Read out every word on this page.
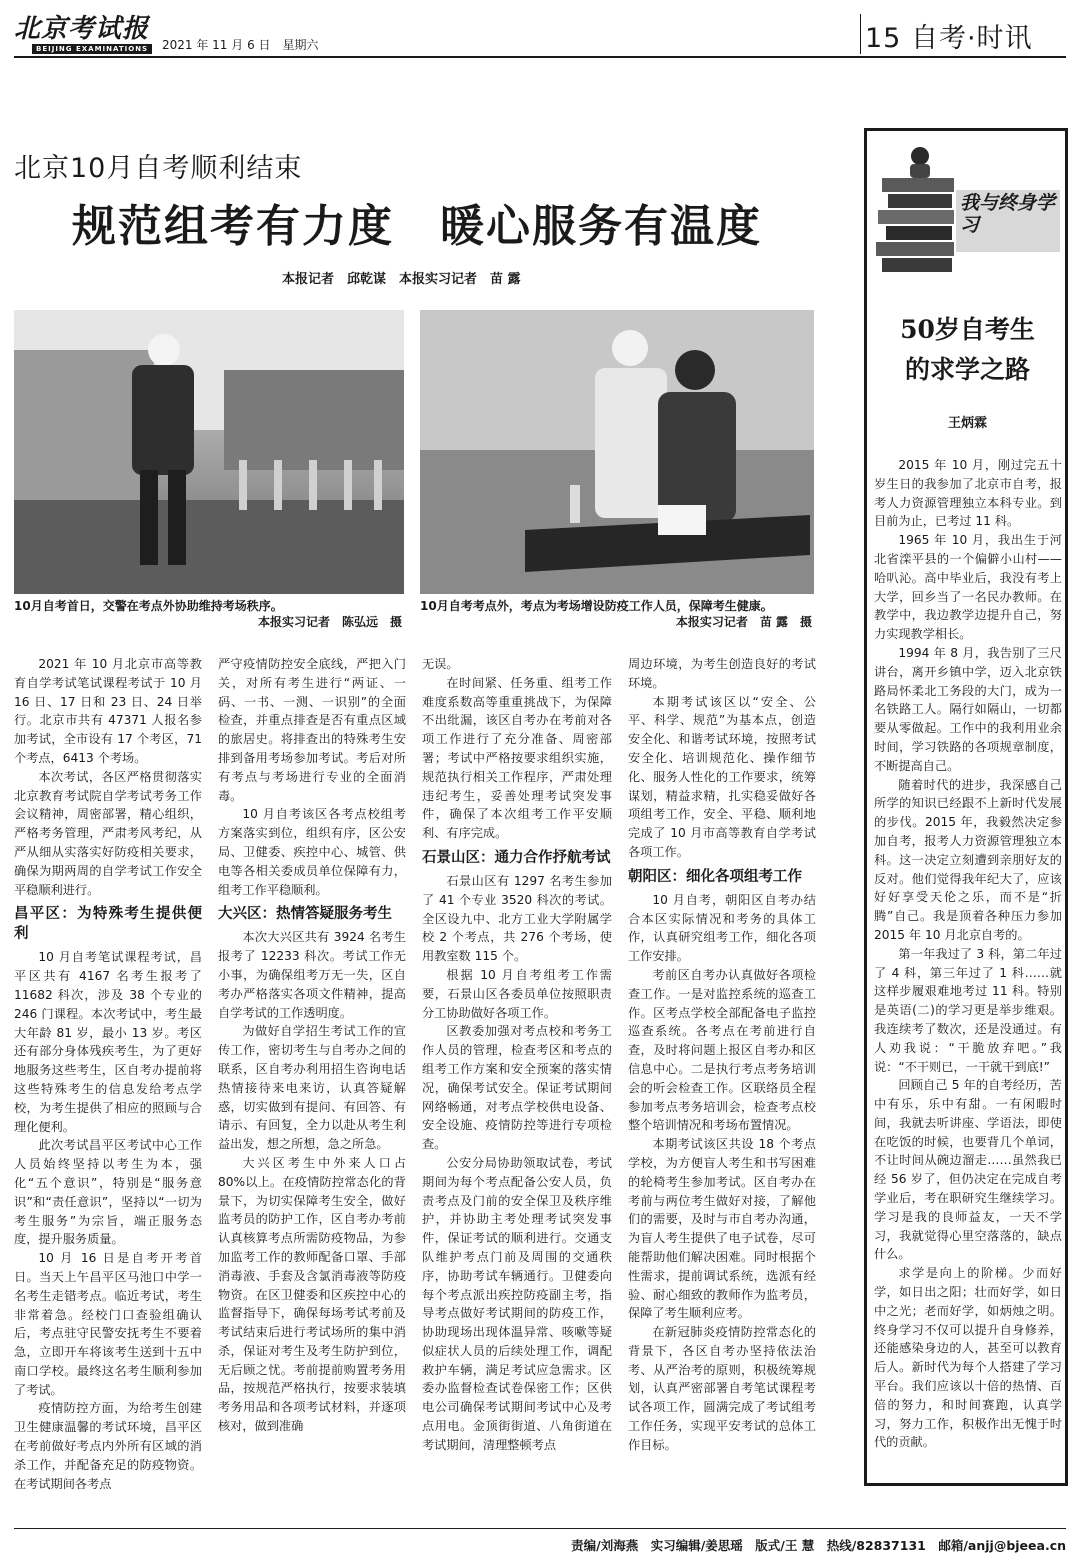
北京考试报
BEIJING EXAMINATIONS	2021 年 11 月 6 日　星期六	15 自考·时讯
北京10月自考顺利结束
规范组考有力度　暖心服务有温度
本报记者　邱乾谋　本报实习记者　苗 露
10月自考首日，交警在考点外协助维持考场秩序。
本报实习记者　陈弘远　摄
10月自考考点外，考点为考场增设防疫工作人员，保障考生健康。
本报实习记者　苗 露　摄

2021 年 10 月北京市高等教育自学考试笔试课程考试于 10 月 16 日、17 日和 23 日、24 日举行。北京市共有 47371 人报名参加考试，全市设有 17 个考区，71 个考点，6413 个考场。

本次考试，各区严格贯彻落实北京教育考试院自学考试考务工作会议精神，周密部署，精心组织，严格考务管理，严肃考风考纪，从严从细从实落实好防疫相关要求，确保为期两周的自学考试工作安全平稳顺利进行。

昌平区：为特殊考生提供便利

10 月自考笔试课程考试，昌平区共有 4167 名考生报考了 11682 科次，涉及 38 个专业的 246 门课程。本次考试中，考生最大年龄 81 岁，最小 13 岁。考区还有部分身体残疾考生，为了更好地服务这些考生，区自考办提前将这些特殊考生的信息发给考点学校，为考生提供了相应的照顾与合理化便利。

此次考试昌平区考试中心工作人员始终坚持以考生为本，强化“五个意识”，特别是“服务意识”和“责任意识”，坚持以“一切为考生服务”为宗旨，端正服务态度，提升服务质量。

10 月 16 日是自考开考首日。当天上午昌平区马池口中学一名考生走错考点。临近考试，考生非常着急。经校门口查验组确认后，考点驻守民警安抚考生不要着急，立即开车将该考生送到十五中南口学校。最终这名考生顺利参加了考试。

疫情防控方面，为给考生创建卫生健康温馨的考试环境，昌平区在考前做好考点内外所有区域的消杀工作，并配备充足的防疫物资。在考试期间各考点

严守疫情防控安全底线，严把入门关，对所有考生进行“两证、一码、一书、一测、一识别”的全面检查，并重点排查是否有重点区域的旅居史。将排查出的特殊考生安排到备用考场参加考试。考后对所有考点与考场进行专业的全面消毒。

10 月自考该区各考点校组考方案落实到位，组织有序，区公安局、卫健委、疾控中心、城管、供电等各相关委成员单位保障有力，组考工作平稳顺利。

大兴区：热情答疑服务考生

本次大兴区共有 3924 名考生报考了 12233 科次。考试工作无小事，为确保组考万无一失，区自考办严格落实各项文件精神，提高自学考试的工作透明度。

为做好自学招生考试工作的宣传工作，密切考生与自考办之间的联系，区自考办利用招生咨询电话热情接待来电来访，认真答疑解惑，切实做到有提问、有回答、有请示、有回复，全力以赴从考生利益出发，想之所想，急之所急。

大兴区考生中外来人口占 80%以上。在疫情防控常态化的背景下，为切实保障考生安全，做好监考员的防护工作，区自考办考前认真核算考点所需防疫物品，为参加监考工作的教师配备口罩、手部消毒液、手套及含氯消毒液等防疫物资。在区卫健委和区疾控中心的监督指导下，确保每场考试考前及考试结束后进行考试场所的集中消杀，保证对考生及考生防护到位，无后顾之忧。考前提前购置考务用品，按规范严格执行，按要求装填考务用品和各项考试材料，并逐项核对，做到准确

无误。

在时间紧、任务重、组考工作难度系数高等重重挑战下，为保障不出纰漏，该区自考办在考前对各项工作进行了充分准备、周密部署；考试中严格按要求组织实施，规范执行相关工作程序，严肃处理违纪考生，妥善处理考试突发事件，确保了本次组考工作平安顺利、有序完成。

石景山区：通力合作抒航考试

石景山区有 1297 名考生参加了 41 个专业 3520 科次的考试。全区设九中、北方工业大学附属学校 2 个考点，共 276 个考场，使用教室数 115 个。

根据 10 月自考组考工作需要，石景山区各委员单位按照职责分工协助做好各项工作。

区教委加强对考点校和考务工作人员的管理，检查考区和考点的组考工作方案和安全预案的落实情况，确保考试安全。保证考试期间网络畅通，对考点学校供电设备、安全设施、疫情防控等进行专项检查。

公安分局协助领取试卷，考试期间为每个考点配备公安人员，负责考点及门前的安全保卫及秩序维护，并协助主考处理考试突发事件，保证考试的顺利进行。交通支队维护考点门前及周围的交通秩序，协助考试车辆通行。卫健委向每个考点派出疾控防疫副主考，指导考点做好考试期间的防疫工作，协助现场出现体温异常、咳嗽等疑似症状人员的后续处理工作，调配救护车辆，满足考试应急需求。区委办监督检查试卷保密工作；区供电公司确保考试期间考试中心及考点用电。金顶街街道、八角街道在考试期间，清理整顿考点

周边环境，为考生创造良好的考试环境。

本期考试该区以“安全、公平、科学、规范”为基本点，创造安全化、和谐考试环境，按照考试安全化、培训规范化、操作细节化、服务人性化的工作要求，统筹谋划，精益求精，扎实稳妥做好各项组考工作，安全、平稳、顺利地完成了 10 月市高等教育自学考试各项工作。

朝阳区：细化各项组考工作

10 月自考，朝阳区自考办结合本区实际情况和考务的具体工作，认真研究组考工作，细化各项工作安排。

考前区自考办认真做好各项检查工作。一是对监控系统的巡查工作。区考点学校全部配备电子监控巡查系统。各考点在考前进行自查，及时将问题上报区自考办和区信息中心。二是执行考点考务培训会的听会检查工作。区联络员全程参加考点考务培训会，检查考点校整个培训情况和考场布置情况。

本期考试该区共设 18 个考点学校，为方便盲人考生和书写困难的轮椅考生参加考试。区自考办在考前与两位考生做好对接，了解他们的需要，及时与市自考办沟通，为盲人考生提供了电子试卷，尽可能帮助他们解决困难。同时根据个性需求，提前调试系统，选派有经验、耐心细致的教师作为监考员，保障了考生顺利应考。

在新冠肺炎疫情防控常态化的背景下，各区自考办坚持依法治考、从严治考的原则，积极统筹规划，认真严密部署自考笔试课程考试各项工作，圆满完成了考试组考工作任务，实现平安考试的总体工作目标。

我与终身学习
50岁自考生
的求学之路
王炳霖

2015 年 10 月，刚过完五十岁生日的我参加了北京市自考，报考人力资源管理独立本科专业。到目前为止，已考过 11 科。

1965 年 10 月，我出生于河北省滦平县的一个偏僻小山村——哈叭沁。高中毕业后，我没有考上大学，回乡当了一名民办教师。在教学中，我边教学边提升自己，努力实现教学相长。

1994 年 8 月，我告别了三尺讲台，离开乡镇中学，迈入北京铁路局怀柔北工务段的大门，成为一名铁路工人。隔行如隔山，一切都要从零做起。工作中的我利用业余时间，学习铁路的各项规章制度，不断提高自己。

随着时代的进步，我深感自己所学的知识已经跟不上新时代发展的步伐。2015 年，我毅然决定参加自考，报考人力资源管理独立本科。这一决定立刻遭到亲朋好友的反对。他们觉得我年纪大了，应该好好享受天伦之乐，而不是“折腾”自己。我是顶着各种压力参加 2015 年 10 月北京自考的。

第一年我过了 3 科，第二年过了 4 科，第三年过了 1 科……就这样步履艰难地考过 11 科。特别是英语(二)的学习更是举步维艰。我连续考了数次，还是没通过。有人劝我说：“干脆放弃吧。”我说：“不干则已，一干就干到底!”

回顾自己 5 年的自考经历，苦中有乐，乐中有甜。一有闲暇时间，我就去听讲座、学语法，即使在吃饭的时候，也要背几个单词，不让时间从碗边溜走……虽然我已经 56 岁了，但仍决定在完成自考学业后，考在职研究生继续学习。学习是我的良师益友，一天不学习，我就觉得心里空落落的，缺点什么。

求学是向上的阶梯。少而好学，如日出之阳；壮而好学，如日中之光；老而好学，如炳烛之明。终身学习不仅可以提升自身修养，还能感染身边的人，甚至可以教育后人。新时代为每个人搭建了学习平台。我们应该以十倍的热情、百倍的努力，和时间赛跑，认真学习，努力工作，积极作出无愧于时代的贡献。

责编/刘海燕　实习编辑/姜思瑶　版式/王 慧　热线/82837131　邮箱/anjj@bjeea.cn
